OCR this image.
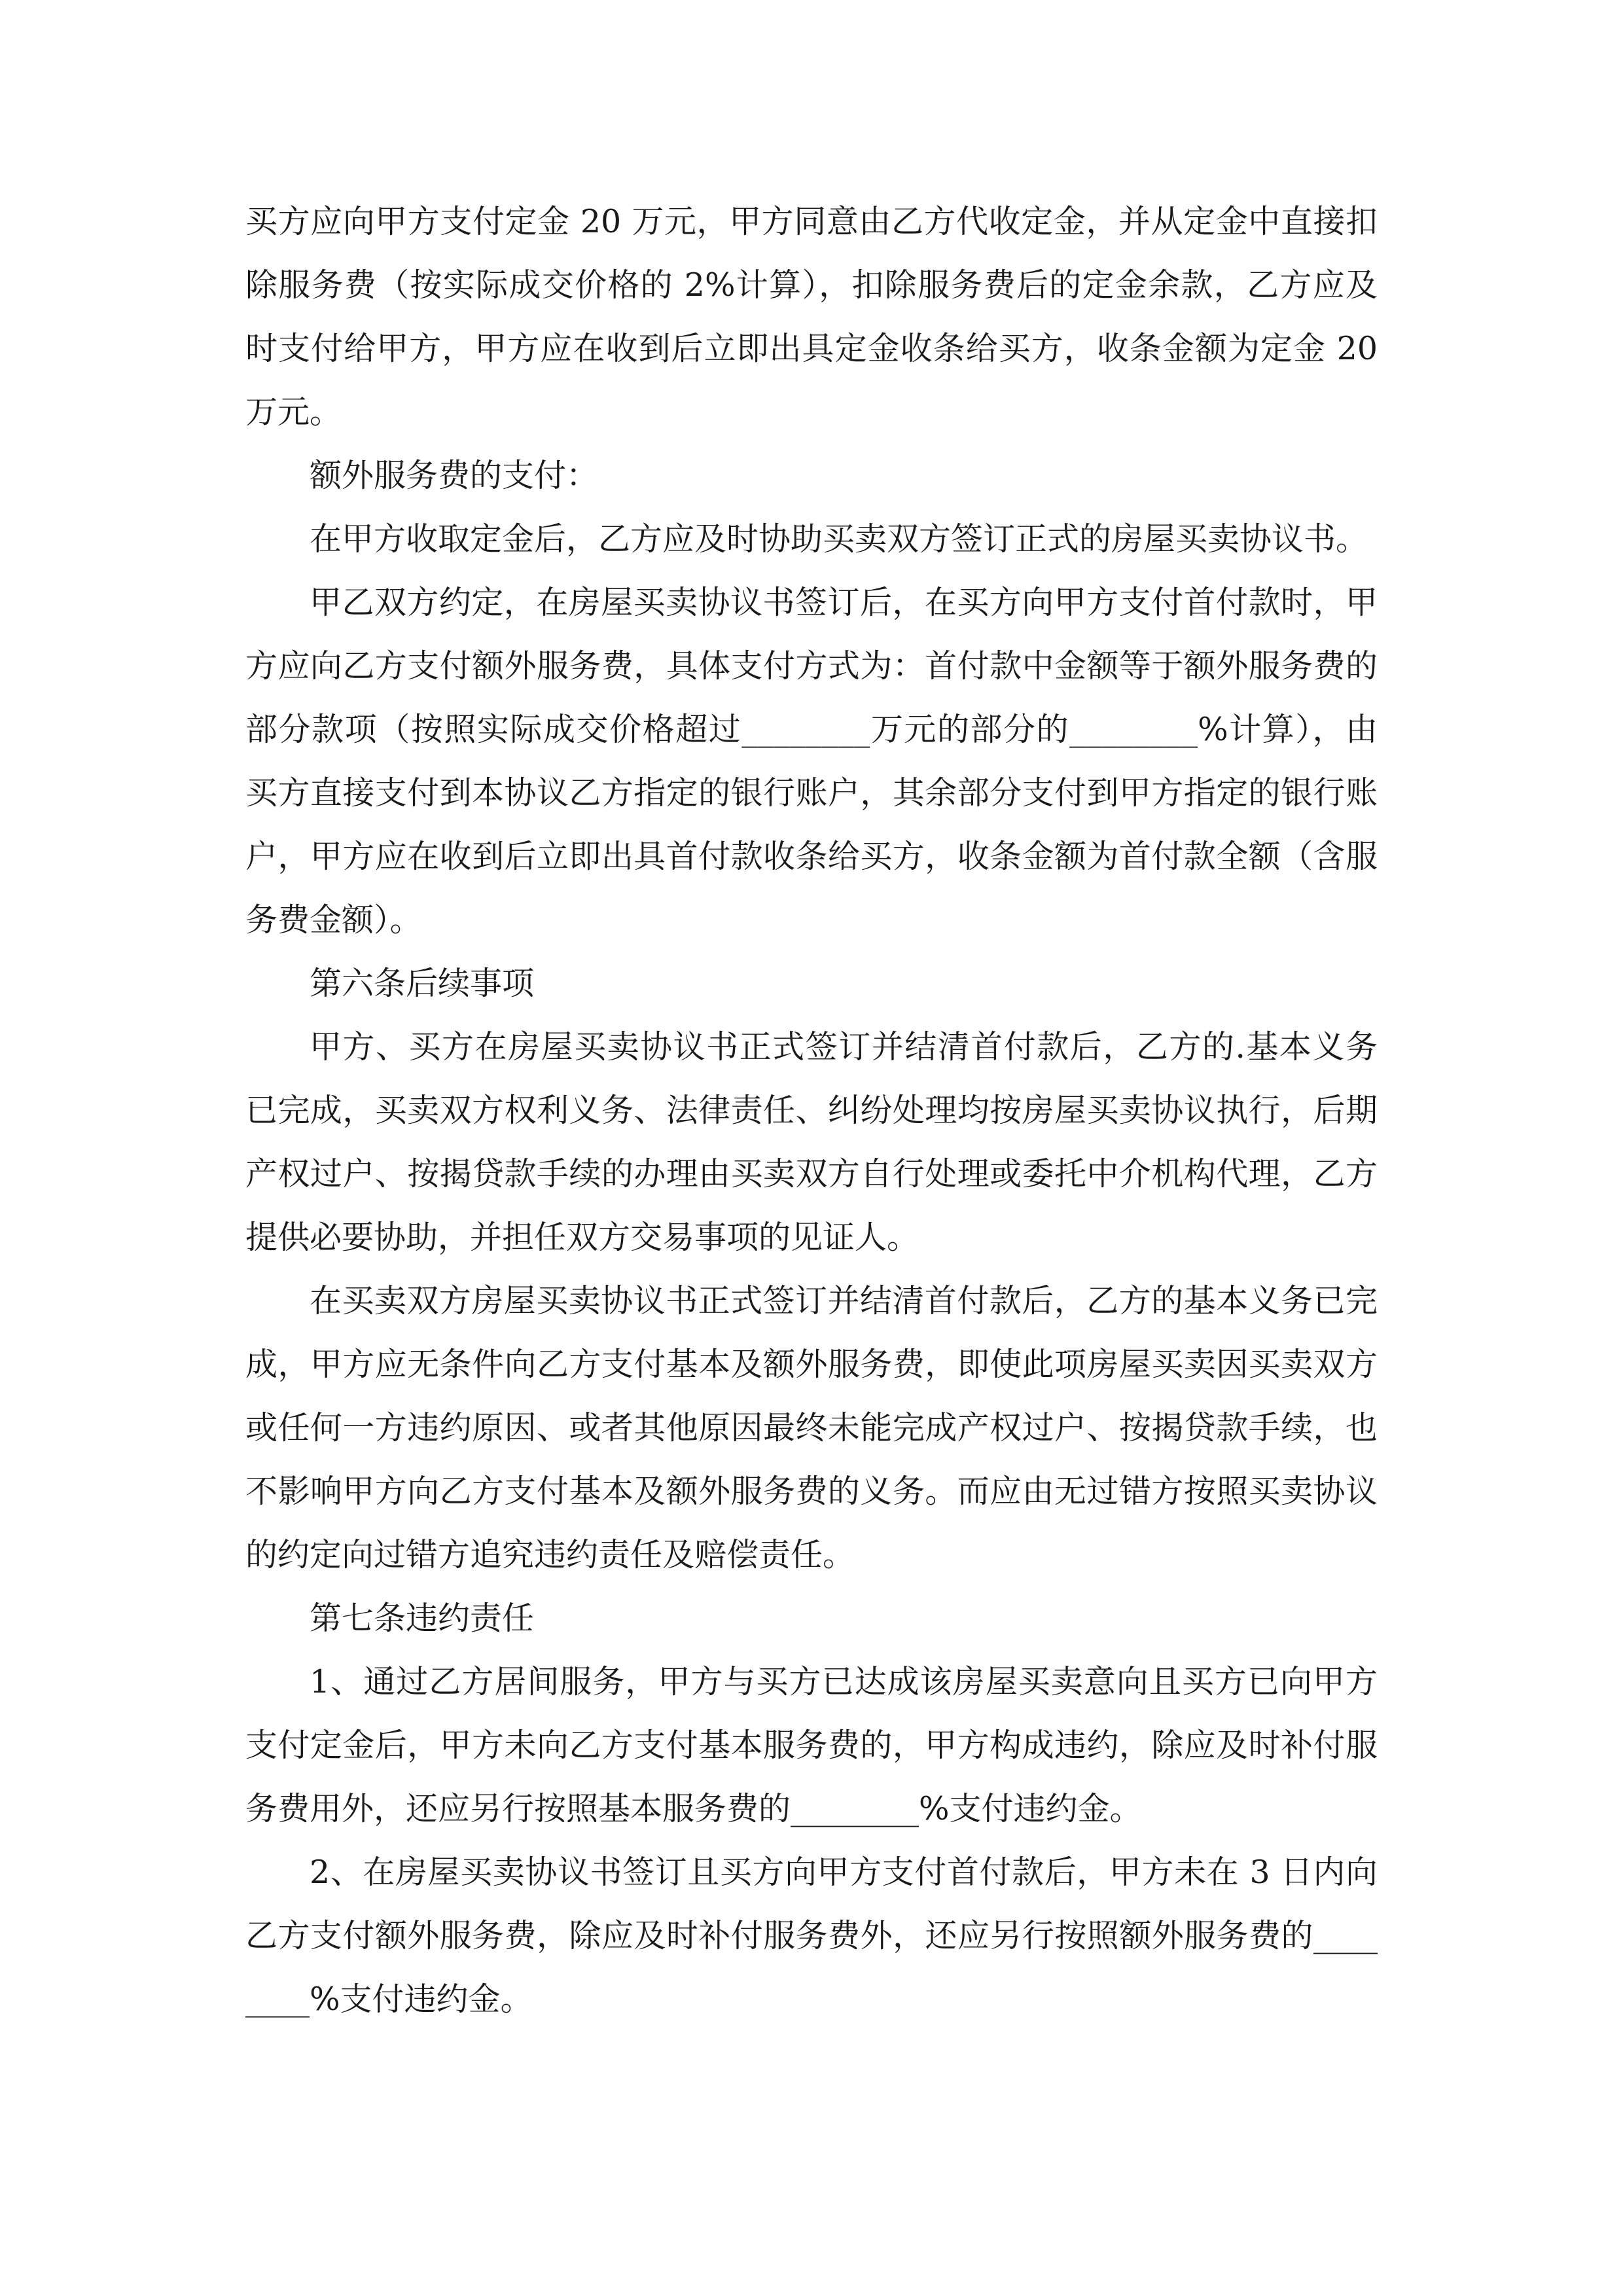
买方应向甲方支付定金 20 万元，甲方同意由乙方代收定金，并从定金中直接扣除服务费（按实际成交价格的 2%计算），扣除服务费后的定金余款，乙方应及时支付给甲方，甲方应在收到后立即出具定金收条给买方，收条金额为定金 20 万元。

额外服务费的支付：

在甲方收取定金后，乙方应及时协助买卖双方签订正式的房屋买卖协议书。

甲乙双方约定，在房屋买卖协议书签订后，在买方向甲方支付首付款时，甲方应向乙方支付额外服务费，具体支付方式为：首付款中金额等于额外服务费的部分款项（按照实际成交价格超过________万元的部分的________%计算），由买方直接支付到本协议乙方指定的银行账户，其余部分支付到甲方指定的银行账户，甲方应在收到后立即出具首付款收条给买方，收条金额为首付款全额（含服务费金额）。

第六条后续事项

甲方、买方在房屋买卖协议书正式签订并结清首付款后，乙方的.基本义务已完成，买卖双方权利义务、法律责任、纠纷处理均按房屋买卖协议执行，后期产权过户、按揭贷款手续的办理由买卖双方自行处理或委托中介机构代理，乙方提供必要协助，并担任双方交易事项的见证人。

在买卖双方房屋买卖协议书正式签订并结清首付款后，乙方的基本义务已完成，甲方应无条件向乙方支付基本及额外服务费，即使此项房屋买卖因买卖双方或任何一方违约原因、或者其他原因最终未能完成产权过户、按揭贷款手续，也不影响甲方向乙方支付基本及额外服务费的义务。而应由无过错方按照买卖协议的约定向过错方追究违约责任及赔偿责任。

第七条违约责任

1、通过乙方居间服务，甲方与买方已达成该房屋买卖意向且买方已向甲方支付定金后，甲方未向乙方支付基本服务费的，甲方构成违约，除应及时补付服务费用外，还应另行按照基本服务费的________%支付违约金。

2、在房屋买卖协议书签订且买方向甲方支付首付款后，甲方未在 3 日内向乙方支付额外服务费，除应及时补付服务费外，还应另行按照额外服务费的________%支付违约金。
